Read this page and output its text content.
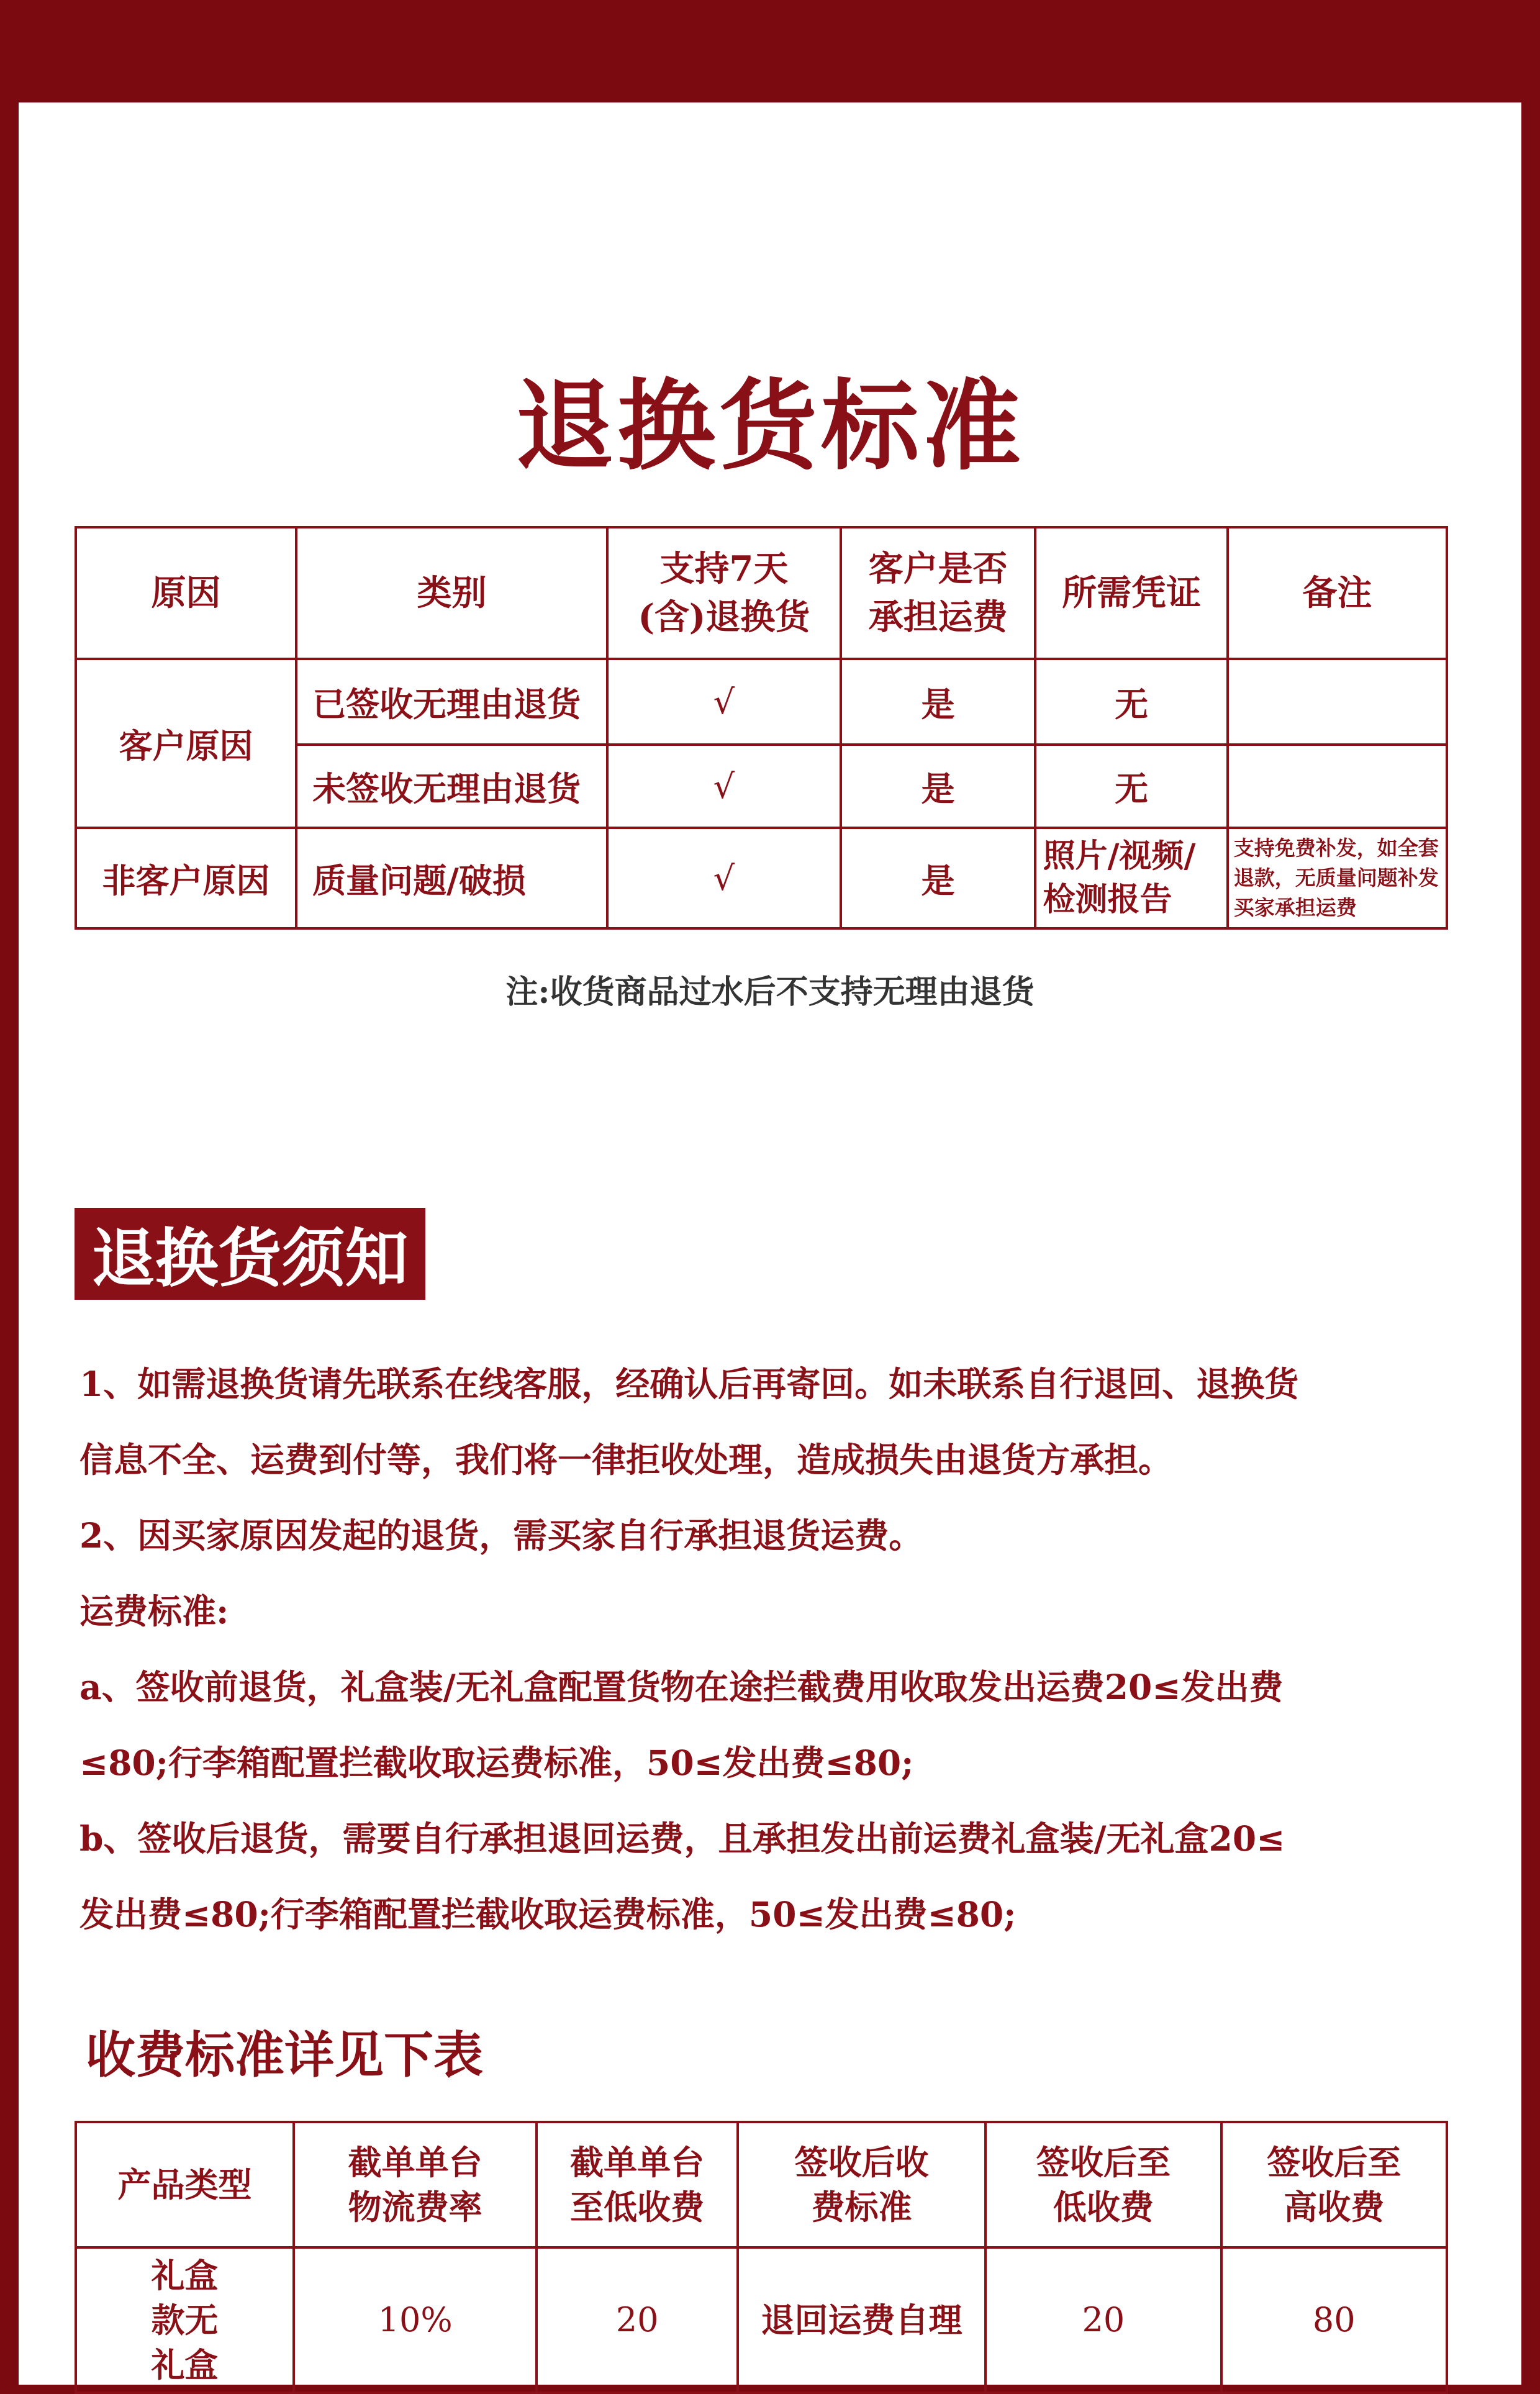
退换货标准
原因	类别	支持7天(含)退换货	客户是否承担运费	所需凭证	备注
客户原因	已签收无理由退货	√	是	无	
	未签收无理由退货	√	是	无	
非客户原因	质量问题/破损	√	是	照片/视频/检测报告	支持免费补发，如全套退款，无质量问题补发买家承担运费
注:收货商品过水后不支持无理由退货
退换货须知
1、如需退换货请先联系在线客服，经确认后再寄回。如未联系自行退回、退换货
信息不全、运费到付等，我们将一律拒收处理，造成损失由退货方承担。
2、因买家原因发起的退货，需买家自行承担退货运费。
运费标准:
a、签收前退货，礼盒装/无礼盒配置货物在途拦截费用收取发出运费20≤发出费
≤80;行李箱配置拦截收取运费标准，50≤发出费≤80;
b、签收后退货，需要自行承担退回运费，且承担发出前运费礼盒装/无礼盒20≤
发出费≤80;行李箱配置拦截收取运费标准，50≤发出费≤80;
收费标准详见下表
产品类型	截单单台物流费率	截单单台至低收费	签收后收费标准	签收后至低收费	签收后至高收费
礼盒款无礼盒	10%	20	退回运费自理	20	80
